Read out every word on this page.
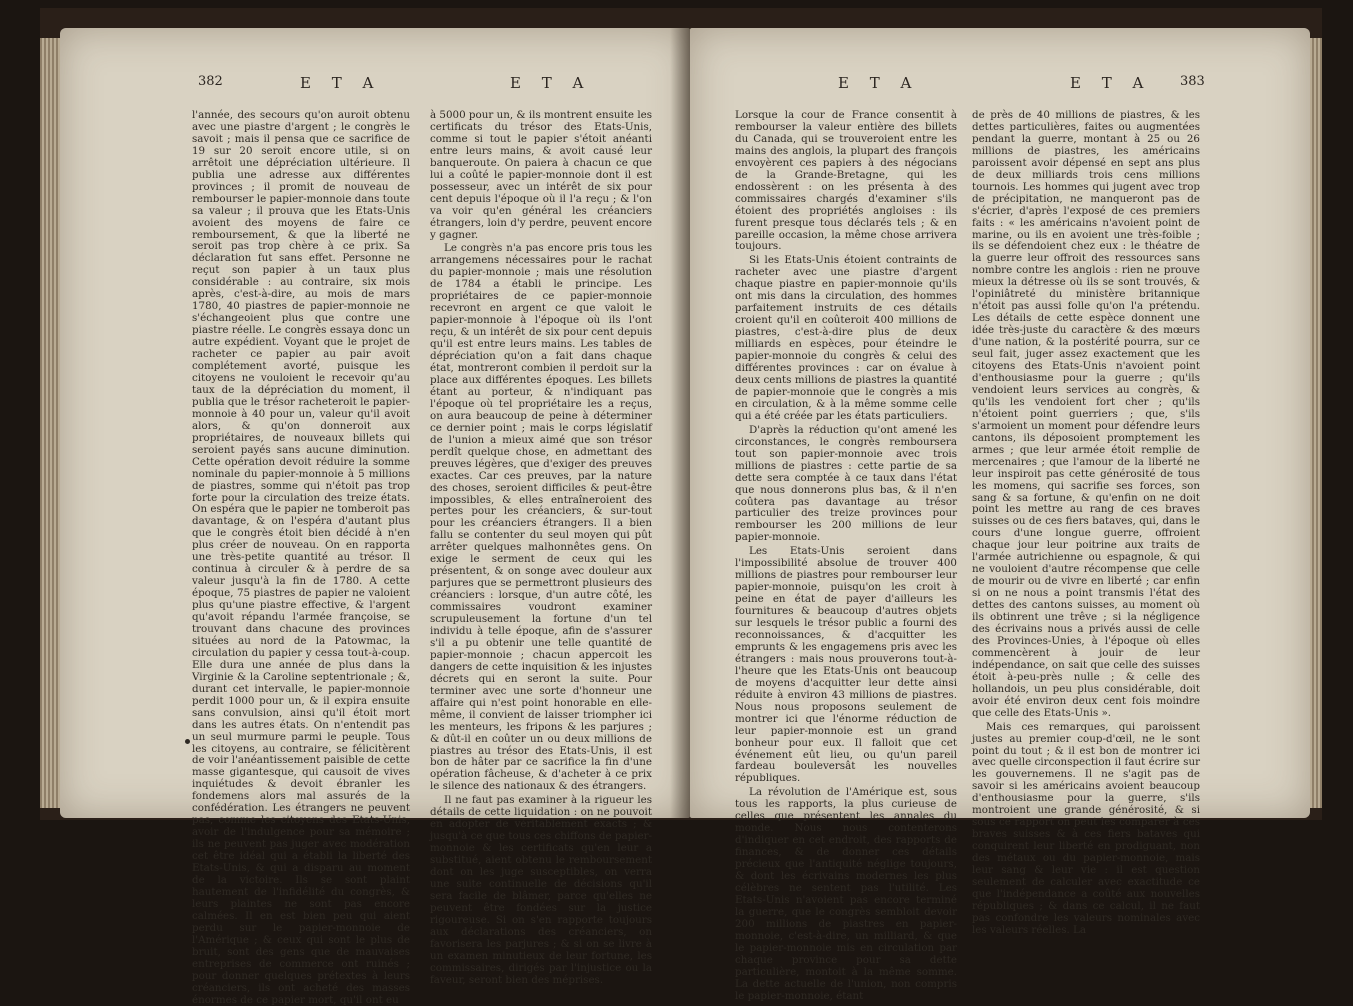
382	E T A	E T A

l'année, des secours qu'on auroit obtenu avec une piastre d'argent ; le congrès le savoit ; mais il pensa que ce sacrifice de 19 sur 20 seroit encore utile, si on arrêtoit une dépréciation ultérieure. Il publia une adresse aux différentes provinces ; il promit de nouveau de rembourser le papier-monnoie dans toute sa valeur ; il prouva que les Etats-Unis avoient des moyens de faire ce remboursement, & que la liberté ne seroit pas trop chère à ce prix. Sa déclaration fut sans effet. Personne ne reçut son papier à un taux plus considérable : au contraire, six mois après, c'est-à-dire, au mois de mars 1780, 40 piastres de papier-monnoie ne s'échangeoient plus que contre une piastre réelle. Le congrès essaya donc un autre expédient. Voyant que le projet de racheter ce papier au pair avoit complétement avorté, puisque les citoyens ne vouloient le recevoir qu'au taux de la dépréciation du moment, il publia que le trésor racheteroit le papier-monnoie à 40 pour un, valeur qu'il avoit alors, & qu'on donneroit aux propriétaires, de nouveaux billets qui seroient payés sans aucune diminution. Cette opération devoit réduire la somme nominale du papier-monnoie à 5 millions de piastres, somme qui n'étoit pas trop forte pour la circulation des treize états. On espéra que le papier ne tomberoit pas davantage, & on l'espéra d'autant plus que le congrès étoit bien décidé à n'en plus créer de nouveau. On en rapporta une très-petite quantité au trésor. Il continua à circuler & à perdre de sa valeur jusqu'à la fin de 1780. A cette époque, 75 piastres de papier ne valoient plus qu'une piastre effective, & l'argent qu'avoit répandu l'armée françoise, se trouvant dans chacune des provinces situées au nord de la Patowmac, la circulation du papier y cessa tout-à-coup. Elle dura une année de plus dans la Virginie & la Caroline septentrionale ; &, durant cet intervalle, le papier-monnoie perdit 1000 pour un, & il expira ensuite sans convulsion, ainsi qu'il étoit mort dans les autres états. On n'entendit pas un seul murmure parmi le peuple. Tous les citoyens, au contraire, se félicitèrent de voir l'anéantissement paisible de cette masse gigantesque, qui causoit de vives inquiétudes & devoit ébranler les fondemens alors mal assurés de la confédération. Les étrangers ne peuvent pas, comme les citoyens des Etats-Unis, avoir de l'indulgence pour sa mémoire ; ils ne peuvent pas juger avec modération cet être idéal qui a établi la liberté des Etats-Unis, & qui a disparu au moment de la victoire. Ils se sont plaint hautement de l'infidélité du congrès, & leurs plaintes ne sont pas encore calmées. Il en est bien peu qui aient perdu sur le papier-monnoie de l'Amérique ; & ceux qui sont le plus de bruit, sont des gens que de mauvaises entreprises de commerce ont ruinés ; pour donner quelques prétextes à leurs créanciers, ils ont acheté des masses énormes de ce papier mort, qu'il ont eu

à 5000 pour un, & ils montrent ensuite les certificats du trésor des Etats-Unis, comme si tout le papier s'étoit anéanti entre leurs mains, & avoit causé leur banqueroute. On paiera à chacun ce que lui a coûté le papier-monnoie dont il est possesseur, avec un intérêt de six pour cent depuis l'époque où il l'a reçu ; & l'on va voir qu'en général les créanciers étrangers, loin d'y perdre, peuvent encore y gagner.

Le congrès n'a pas encore pris tous les arrangemens nécessaires pour le rachat du papier-monnoie ; mais une résolution de 1784 a établi le principe. Les propriétaires de ce papier-monnoie recevront en argent ce que valoit le papier-monnoie à l'époque où ils l'ont reçu, & un intérêt de six pour cent depuis qu'il est entre leurs mains. Les tables de dépréciation qu'on a fait dans chaque état, montreront combien il perdoit sur la place aux différentes époques. Les billets étant au porteur, & n'indiquant pas l'époque où tel propriétaire les a reçus, on aura beaucoup de peine à déterminer ce dernier point ; mais le corps législatif de l'union a mieux aimé que son trésor perdît quelque chose, en admettant des preuves légères, que d'exiger des preuves exactes. Car ces preuves, par la nature des choses, seroient difficiles & peut-être impossibles, & elles entraîneroient des pertes pour les créanciers, & sur-tout pour les créanciers étrangers. Il a bien fallu se contenter du seul moyen qui pût arrêter quelques malhonnêtes gens. On exige le serment de ceux qui les présentent, & on songe avec douleur aux parjures que se permettront plusieurs des créanciers : lorsque, d'un autre côté, les commissaires voudront examiner scrupuleusement la fortune d'un tel individu à telle époque, afin de s'assurer s'il a pu obtenir une telle quantité de papier-monnoie ; chacun appercoit les dangers de cette inquisition & les injustes décrets qui en seront la suite. Pour terminer avec une sorte d'honneur une affaire qui n'est point honorable en elle-même, il convient de laisser triompher ici les menteurs, les fripons & les parjures ; & dût-il en coûter un ou deux millions de piastres au trésor des Etats-Unis, il est bon de hâter par ce sacrifice la fin d'une opération fâcheuse, & d'acheter à ce prix le silence des nationaux & des étrangers.

Il ne faut pas examiner à la rigueur les détails de cette liquidation : on ne pouvoit en adopter de véritablement exacts ; & jusqu'à ce que tous ces chiffons de papier-monnoie & les certificats qu'en leur a substitué, aient obtenu le remboursement dont on les juge susceptibles, on verra une suite continuelle de décisions qu'il sera facile de blâmer, parce qu'elles ne peuvent être fondées sur la justice rigoureuse. Si on s'en rapporte toujours aux déclarations des créanciers, on favorisera les parjures ; & si on se livre à un examen minutieux de leur fortune, les commissaires, dirigés par l'injustice ou la faveur, seront bien des méprises.

E T A	E T A 383

Lorsque la cour de France consentit à rembourser la valeur entière des billets du Canada, qui se trouveroient entre les mains des anglois, la plupart des françois envoyèrent ces papiers à des négocians de la Grande-Bretagne, qui les endossèrent : on les présenta à des commissaires chargés d'examiner s'ils étoient des propriétés angloises : ils furent presque tous déclarés tels ; & en pareille occasion, la même chose arrivera toujours.

Si les Etats-Unis étoient contraints de racheter avec une piastre d'argent chaque piastre en papier-monnoie qu'ils ont mis dans la circulation, des hommes parfaitement instruits de ces détails croient qu'il en coûteroit 400 millions de piastres, c'est-à-dire plus de deux milliards en espèces, pour éteindre le papier-monnoie du congrès & celui des différentes provinces : car on évalue à deux cents millions de piastres la quantité de papier-monnoie que le congrès a mis en circulation, & à la même somme celle qui a été créée par les états particuliers.

D'après la réduction qu'ont amené les circonstances, le congrès remboursera tout son papier-monnoie avec trois millions de piastres : cette partie de sa dette sera comptée à ce taux dans l'état que nous donnerons plus bas, & il n'en coûtera pas davantage au trésor particulier des treize provinces pour rembourser les 200 millions de leur papier-monnoie.

Les Etats-Unis seroient dans l'impossibilité absolue de trouver 400 millions de piastres pour rembourser leur papier-monnoie, puisqu'on les croit à peine en état de payer d'ailleurs les fournitures & beaucoup d'autres objets sur lesquels le trésor public a fourni des reconnoissances, & d'acquitter les emprunts & les engagemens pris avec les étrangers : mais nous prouverons tout-à-l'heure que les Etats-Unis ont beaucoup de moyens d'acquitter leur dette ainsi réduite à environ 43 millions de piastres. Nous nous proposons seulement de montrer ici que l'énorme réduction de leur papier-monnoie est un grand bonheur pour eux. Il falloit que cet événement eût lieu, ou qu'un pareil fardeau bouleversât les nouvelles républiques.

La révolution de l'Amérique est, sous tous les rapports, la plus curieuse de celles que présentent les annales du monde. Nous nous contenterons d'indiquer en cet endroit, des rapports de finances, & de donner ces détails précieux que l'antiquité néglige toujours, & dont les écrivains modernes les plus célèbres ne sentent pas l'utilité. Les Etats-Unis n'avoient pas encore terminé la guerre, que le congrès sembloit devoir 200 millions de piastres en papier-monnoie, c'est-à-dire, un milliard, & que le papier-monnoie mis en circulation par chaque province pour sa dette particulière, montoit à la même somme. La dette actuelle de l'union, non compris le papier-monnoie, étant

de près de 40 millions de piastres, & les dettes particulières, faites ou augmentées pendant la guerre, montant à 25 ou 26 millions de piastres, les américains paroissent avoir dépensé en sept ans plus de deux milliards trois cens millions tournois. Les hommes qui jugent avec trop de précipitation, ne manqueront pas de s'écrier, d'après l'exposé de ces premiers faits : « les américains n'avoient point de marine, ou ils en avoient une très-foible ; ils se défendoient chez eux : le théatre de la guerre leur offroit des ressources sans nombre contre les anglois : rien ne prouve mieux la détresse où ils se sont trouvés, & l'opiniâtreté du ministère britannique n'étoit pas aussi folle qu'on l'a prétendu. Les détails de cette espèce donnent une idée très-juste du caractère & des mœurs d'une nation, & la postérité pourra, sur ce seul fait, juger assez exactement que les citoyens des Etats-Unis n'avoient point d'enthousiasme pour la guerre ; qu'ils vendoient leurs services au congrès, & qu'ils les vendoient fort cher ; qu'ils n'étoient point guerriers ; que, s'ils s'armoient un moment pour défendre leurs cantons, ils déposoient promptement les armes ; que leur armée étoit remplie de mercenaires ; que l'amour de la liberté ne leur inspiroit pas cette générosité de tous les momens, qui sacrifie ses forces, son sang & sa fortune, & qu'enfin on ne doit point les mettre au rang de ces braves suisses ou de ces fiers bataves, qui, dans le cours d'une longue guerre, offroient chaque jour leur poitrine aux traits de l'armée autrichienne ou espagnole, & qui ne vouloient d'autre récompense que celle de mourir ou de vivre en liberté ; car enfin si on ne nous a point transmis l'état des dettes des cantons suisses, au moment où ils obtinrent une trêve ; si la négligence des écrivains nous a privés aussi de celle des Provinces-Unies, à l'époque où elles commencèrent à jouir de leur indépendance, on sait que celle des suisses étoit à-peu-près nulle ; & celle des hollandois, un peu plus considérable, doit avoir été environ deux cent fois moindre que celle des Etats-Unis ».

Mais ces remarques, qui paroissent justes au premier coup-d'œil, ne le sont point du tout ; & il est bon de montrer ici avec quelle circonspection il faut écrire sur les gouvernemens. Il ne s'agit pas de savoir si les américains avoient beaucoup d'enthousiasme pour la guerre, s'ils montroient une grande générosité, & si sous ce rapport on peut les comparer à ces braves suisses & à ces fiers bataves qui conquirent leur liberté en prodiguant, non des métaux ou du papier-monnoie, mais leur sang & leur vie : il est question seulement de calculer avec exactitude ce que l'indépendance a coûté aux nouvelles républiques ; & dans ce calcul, il ne faut pas confondre les valeurs nominales avec les valeurs réelles. La
